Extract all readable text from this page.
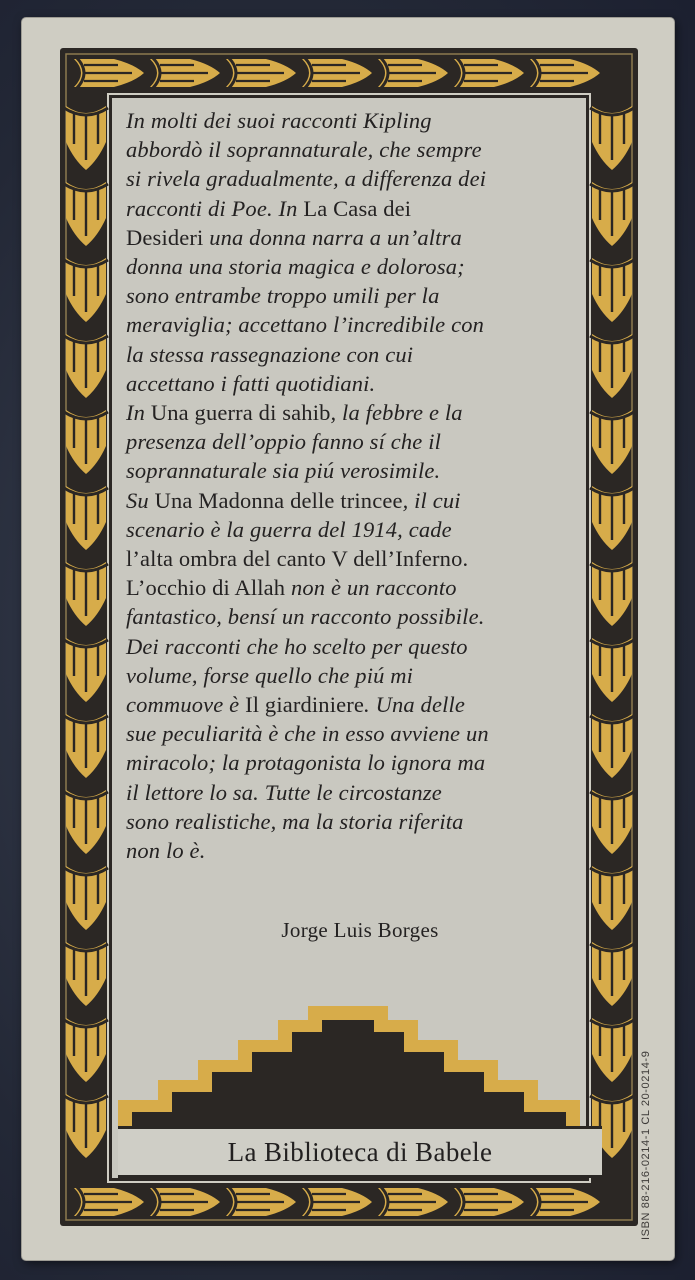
In molti dei suoi racconti Kipling
abbordò il soprannaturale, che sempre
si rivela gradualmente, a differenza dei
racconti di Poe. In La Casa dei
Desideri una donna narra a un’altra
donna una storia magica e dolorosa;
sono entrambe troppo umili per la
meraviglia; accettano l’incredibile con
la stessa rassegnazione con cui
accettano i fatti quotidiani.
In Una guerra di sahib, la febbre e la
presenza dell’oppio fanno sí che il
soprannaturale sia piú verosimile.
Su Una Madonna delle trincee, il cui
scenario è la guerra del 1914, cade
l’alta ombra del canto V dell’Inferno.
L’occhio di Allah non è un racconto
fantastico, bensí un racconto possibile.
Dei racconti che ho scelto per questo
volume, forse quello che piú mi
commuove è Il giardiniere. Una delle
sue peculiarità è che in esso avviene un
miracolo; la protagonista lo ignora ma
il lettore lo sa. Tutte le circostanze
sono realistiche, ma la storia riferita
non lo è.

Jorge Luis Borges
La Biblioteca di Babele	ISBN 88-216-0214-1 CL 20-0214-9
